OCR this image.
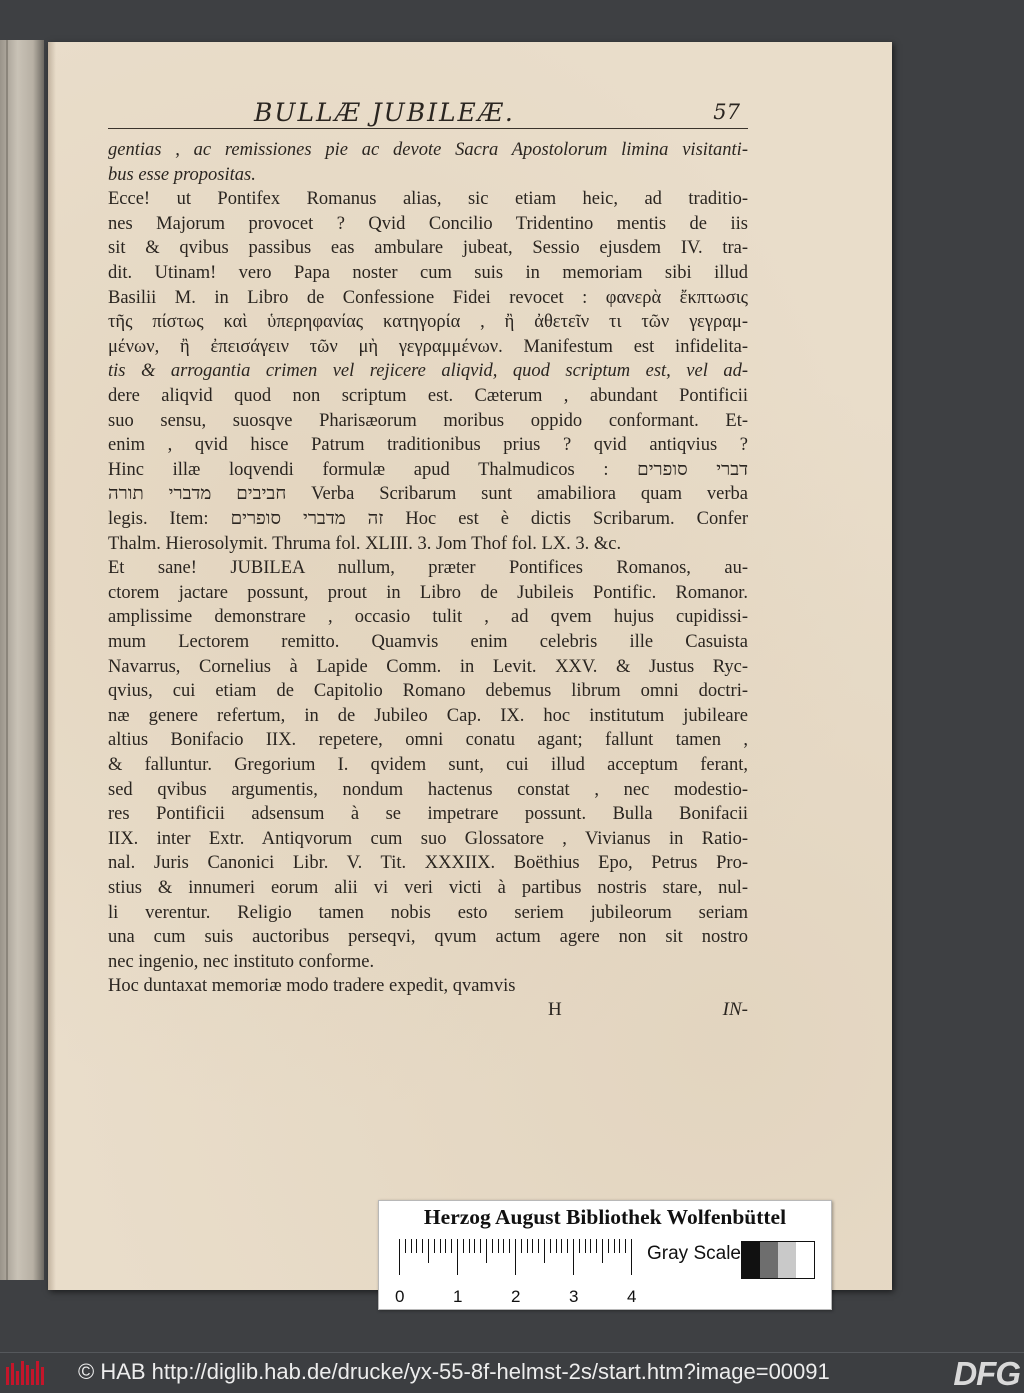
BULLÆ JUBILEÆ.	57
H	IN-
gentias , ac remissiones pie ac devote Sacra Apostolorum limina visitanti-
bus esse propositas.
Ecce! ut Pontifex Romanus alias, sic etiam heic, ad traditio-
nes Majorum provocet ? Qvid Concilio Tridentino mentis de iis
sit & qvibus passibus eas ambulare jubeat, Sessio ejusdem IV. tra-
dit. Utinam! vero Papa noster cum suis in memoriam sibi illud
Basilii M. in Libro de Confessione Fidei revocet : φανερὰ ἔκπτωσις
τῆς πίστως καὶ ὑπερηφανίας κατηγορία , ἢ ἀθετεῖν τι τῶν γεγραμ-
μένων, ἢ ἐπεισάγειν τῶν μὴ γεγραμμένων. Manifestum est infidelita-
tis & arrogantia crimen vel rejicere aliqvid, quod scriptum est, vel ad-
dere aliqvid quod non scriptum est. Cæterum , abundant Pontificii
suo sensu, suosqve Pharisæorum moribus oppido conformant. Et-
enim , qvid hisce Patrum traditionibus prius ? qvid antiqvius ?
Hinc illæ loqvendi formulæ apud Thalmudicos : דברי סופרים
חביבים מדברי תורה Verba Scribarum sunt amabiliora quam verba
legis. Item: זה מדברי סופרים Hoc est è dictis Scribarum. Confer
Thalm. Hierosolymit. Thruma fol. XLIII. 3. Jom Thof fol. LX. 3. &c.
Et sane! JUBILEA nullum, præter Pontifices Romanos, au-
ctorem jactare possunt, prout in Libro de Jubileis Pontific. Romanor.
amplissime demonstrare , occasio tulit , ad qvem hujus cupidissi-
mum Lectorem remitto. Quamvis enim celebris ille Casuista
Navarrus, Cornelius à Lapide Comm. in Levit. XXV. & Justus Ryc-
qvius, cui etiam de Capitolio Romano debemus librum omni doctri-
næ genere refertum, in de Jubileo Cap. IX. hoc institutum jubileare
altius Bonifacio IIX. repetere, omni conatu agant; fallunt tamen ,
& falluntur. Gregorium I. qvidem sunt, cui illud acceptum ferant,
sed qvibus argumentis, nondum hactenus constat , nec modestio-
res Pontificii adsensum à se impetrare possunt. Bulla Bonifacii
IIX. inter Extr. Antiqvorum cum suo Glossatore , Vivianus in Ratio-
nal. Juris Canonici Libr. V. Tit. XXXIIX. Boëthius Epo, Petrus Pro-
stius & innumeri eorum alii vi veri victi à partibus nostris stare, nul-
li verentur. Religio tamen nobis esto seriem jubileorum seriam
una cum suis auctoribus perseqvi, qvum actum agere non sit nostro
nec ingenio, nec instituto conforme.
Hoc duntaxat memoriæ modo tradere expedit, qvamvis
Herzog August Bibliothek Wolfenbüttel
0	1	2	3	4
Gray Scale
© HAB http://diglib.hab.de/drucke/yx-55-8f-helmst-2s/start.htm?image=00091	DFG
